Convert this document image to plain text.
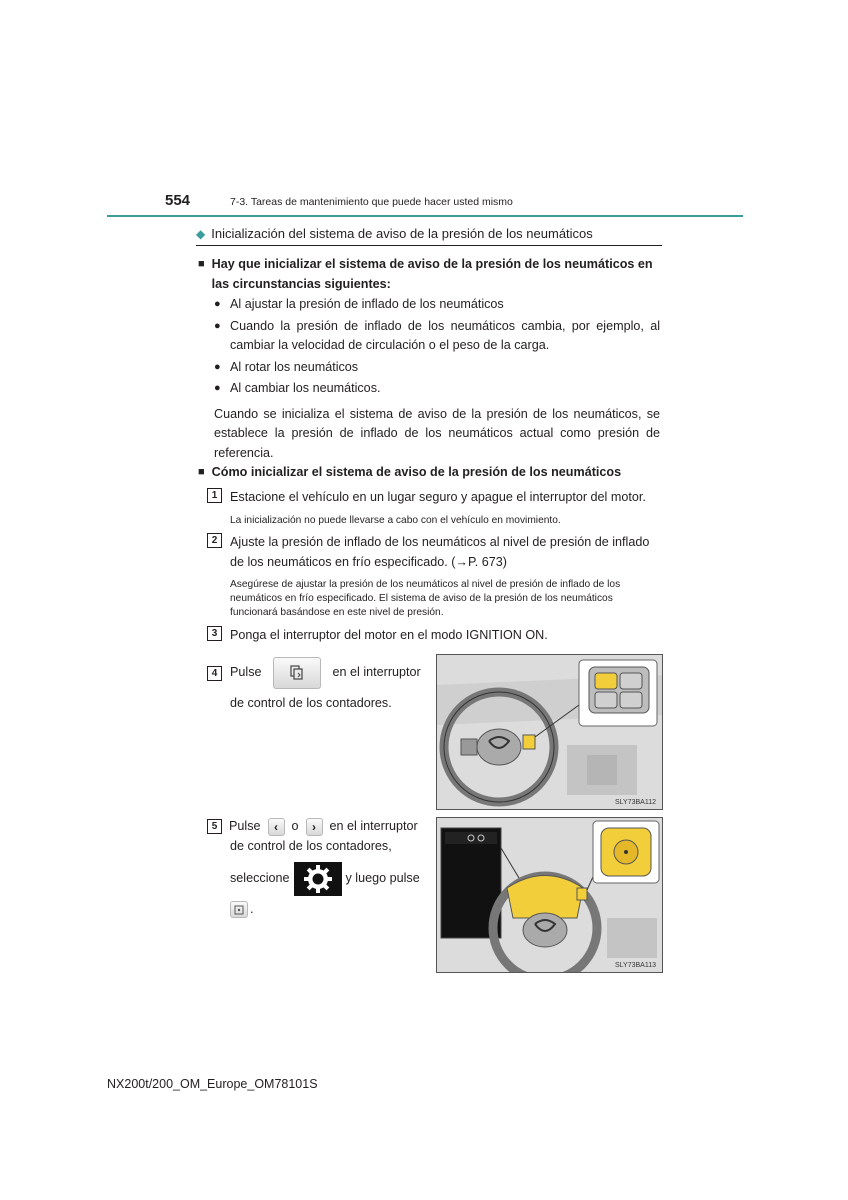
554	7-3. Tareas de mantenimiento que puede hacer usted mismo
◆ Inicialización del sistema de aviso de la presión de los neumáticos
■ Hay que inicializar el sistema de aviso de la presión de los neumáticos en las circunstancias siguientes:
● Al ajustar la presión de inflado de los neumáticos
● Cuando la presión de inflado de los neumáticos cambia, por ejemplo, al cambiar la velocidad de circulación o el peso de la carga.
● Al rotar los neumáticos
● Al cambiar los neumáticos.
Cuando se inicializa el sistema de aviso de la presión de los neumáticos, se establece la presión de inflado de los neumáticos actual como presión de referencia.
■ Cómo inicializar el sistema de aviso de la presión de los neumáticos
1	Estacione el vehículo en un lugar seguro y apague el interruptor del motor.
La inicialización no puede llevarse a cabo con el vehículo en movimiento.
2	Ajuste la presión de inflado de los neumáticos al nivel de presión de inflado de los neumáticos en frío especificado. (→P. 673)
Asegúrese de ajustar la presión de los neumáticos al nivel de presión de inflado de los neumáticos en frío especificado. El sistema de aviso de la presión de los neumáticos funcionará basándose en este nivel de presión.
3	Ponga el interruptor del motor en el modo IGNITION ON.
4	Pulse	en el interruptor
de control de los contadores.
5 Pulse	‹	o	›	en el interruptor
de control de los contadores,
seleccione	y luego pulse
.
SLY73BA112
SLY73BA113
NX200t/200_OM_Europe_OM78101S
